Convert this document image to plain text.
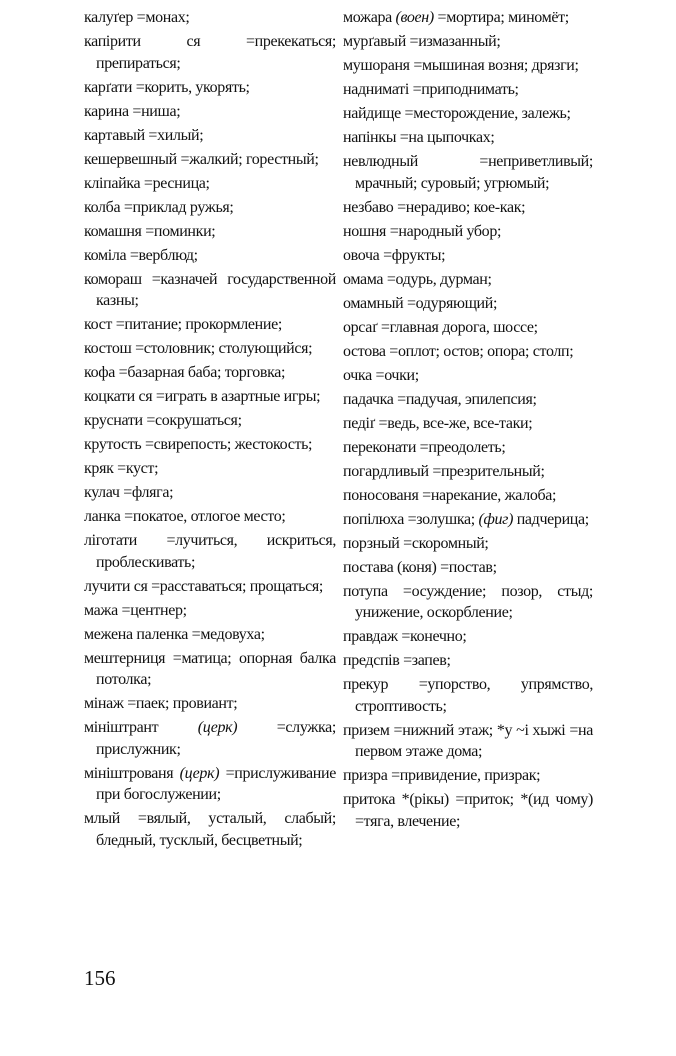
калуґер =монах;
капірити ся =прекекаться; препираться;
карґати =корить, укорять;
карина =ниша;
картавый =хилый;
кешервешный =жалкий; горестный;
кліпайка =ресница;
колба =приклад ружья;
комашня =поминки;
коміла =верблюд;
комораш =казначей государственной казны;
кост =питание; прокормление;
костош =столовник; столующийся;
кофа =базарная баба; торговка;
коцкати ся =играть в азартные игры;
круснати =сокрушаться;
крутость =свирепость; жестокость;
кряк =куст;
кулач =фляга;
ланка =покатое, отлогое место;
ліготати =лучиться, искриться, проблескивать;
лучити ся =расставаться; прощаться;
мажа =центнер;
межена паленка =медовуха;
мештерниця =матица; опорная балка потолка;
мінаж =паек; провиант;
мініштрант (церк) =служка; прислужник;
мініштрованя (церк) =прислуживание при богослужении;
млый =вялый, усталый, слабый; бледный, тусклый, бесцветный;
можара (воен) =мортира; миномёт;
мурґавый =измазанный;
мушораня =мышиная возня; дрязги;
надниматі =приподнимать;
найдище =месторождение, залежь;
напінкы =на цыпочках;
невлюдный =неприветливый; мрачный; суровый; угрюмый;
незбаво =нерадиво; кое-как;
ношня =народный убор;
овоча =фрукты;
омама =одурь, дурман;
омамный =одуряющий;
орсаґ =главная дорога, шоссе;
остова =оплот; остов; опора; столп;
очка =очки;
падачка =падучая, эпилепсия;
педіґ =ведь, все-же, все-таки;
переконати =преодолеть;
погардливый =презрительный;
поносованя =нарекание, жалоба;
попілюха =золушка; (фиг) падчерица;
порзный =скоромный;
постава (коня) =постав;
потупа =осуждение; позор, стыд; унижение, оскорбление;
правдаж =конечно;
предспів =запев;
прекур =упорство, упрямство, строптивость;
призем =нижний этаж; *у ~і хыжі =на первом этаже дома;
призра =привидение, призрак;
притока *(рікы) =приток; *(ид чому) =тяга, влечение;
156
